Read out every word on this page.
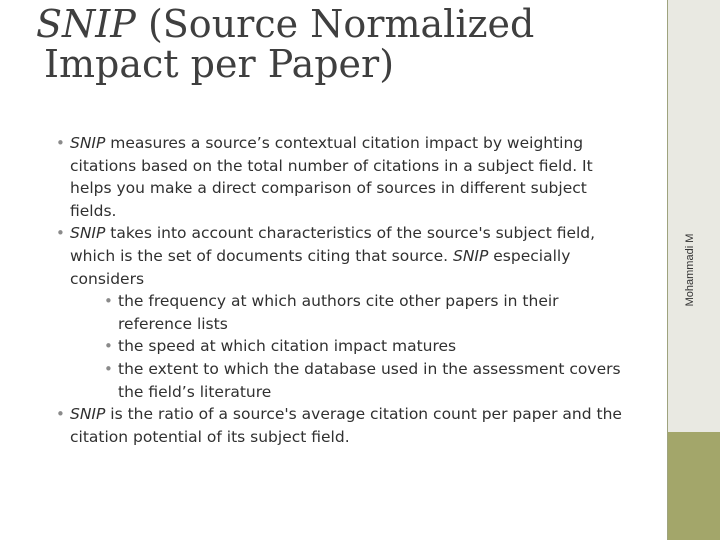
Mohammadi M
SNIP (Source Normalized
Impact per Paper)
• SNIP measures a source’s contextual citation impact by weighting citations based on the total number of citations in a subject field. It helps you make a direct comparison of sources in different subject fields.
• SNIP takes into account characteristics of the source's subject field, which is the set of documents citing that source. SNIP especially considers
• the frequency at which authors cite other papers in their reference lists
• the speed at which citation impact matures
• the extent to which the database used in the assessment covers the field’s literature
• SNIP is the ratio of a source's average citation count per paper and the citation potential of its subject field.
